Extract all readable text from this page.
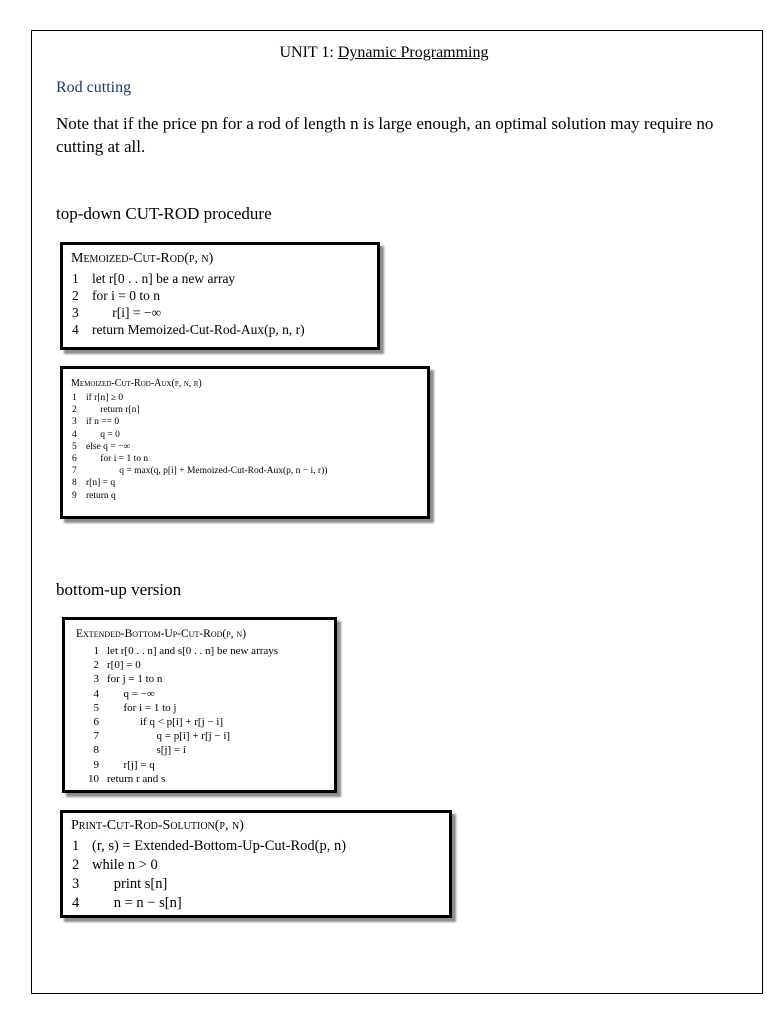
UNIT 1: Dynamic Programming
Rod cutting
Note that if the price pn for a rod of length n is large enough, an optimal solution may require no cutting at all.
top-down CUT-ROD procedure
Memoized-Cut-Rod(p, n)
1 let r[0 . . n] be a new array
2 for i = 0 to n
3 r[i] = −∞
4 return Memoized-Cut-Rod-Aux(p, n, r)
Memoized-Cut-Rod-Aux(p, n, r)
1 if r[n] ≥ 0
2 return r[n]
3 if n == 0
4 q = 0
5 else q = −∞
6 for i = 1 to n
7 q = max(q, p[i] + Memoized-Cut-Rod-Aux(p, n − i, r))
8 r[n] = q
9 return q
bottom-up version
Extended-Bottom-Up-Cut-Rod(p, n)
1 let r[0 . . n] and s[0 . . n] be new arrays
2 r[0] = 0
3 for j = 1 to n
4 q = −∞
5 for i = 1 to j
6 if q < p[i] + r[j − i]
7 q = p[i] + r[j − i]
8 s[j] = i
9 r[j] = q
10 return r and s
Print-Cut-Rod-Solution(p, n)
1 (r, s) = Extended-Bottom-Up-Cut-Rod(p, n)
2 while n > 0
3 print s[n]
4 n = n − s[n]
